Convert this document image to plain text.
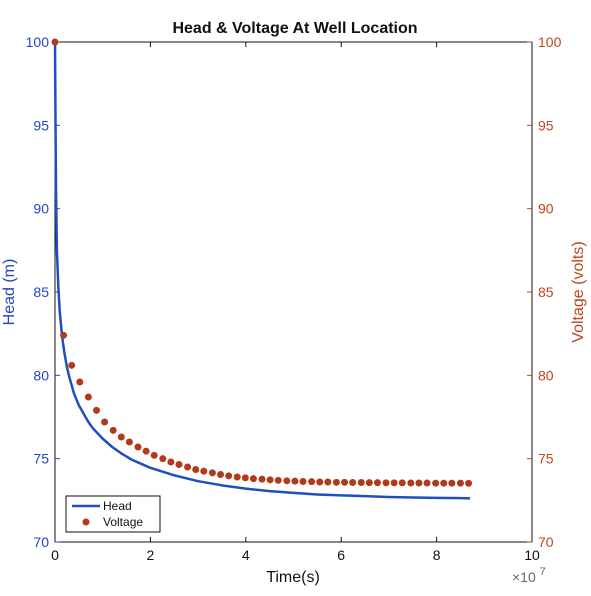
Head & Voltage At Well Location
0	2	4	6	8	10
70
75
80
85
90
95
100
70
75
80
85
90
95
100
Time(s)	×10 $^7$
Head (m)	Voltage (volts)
Head
Voltage
